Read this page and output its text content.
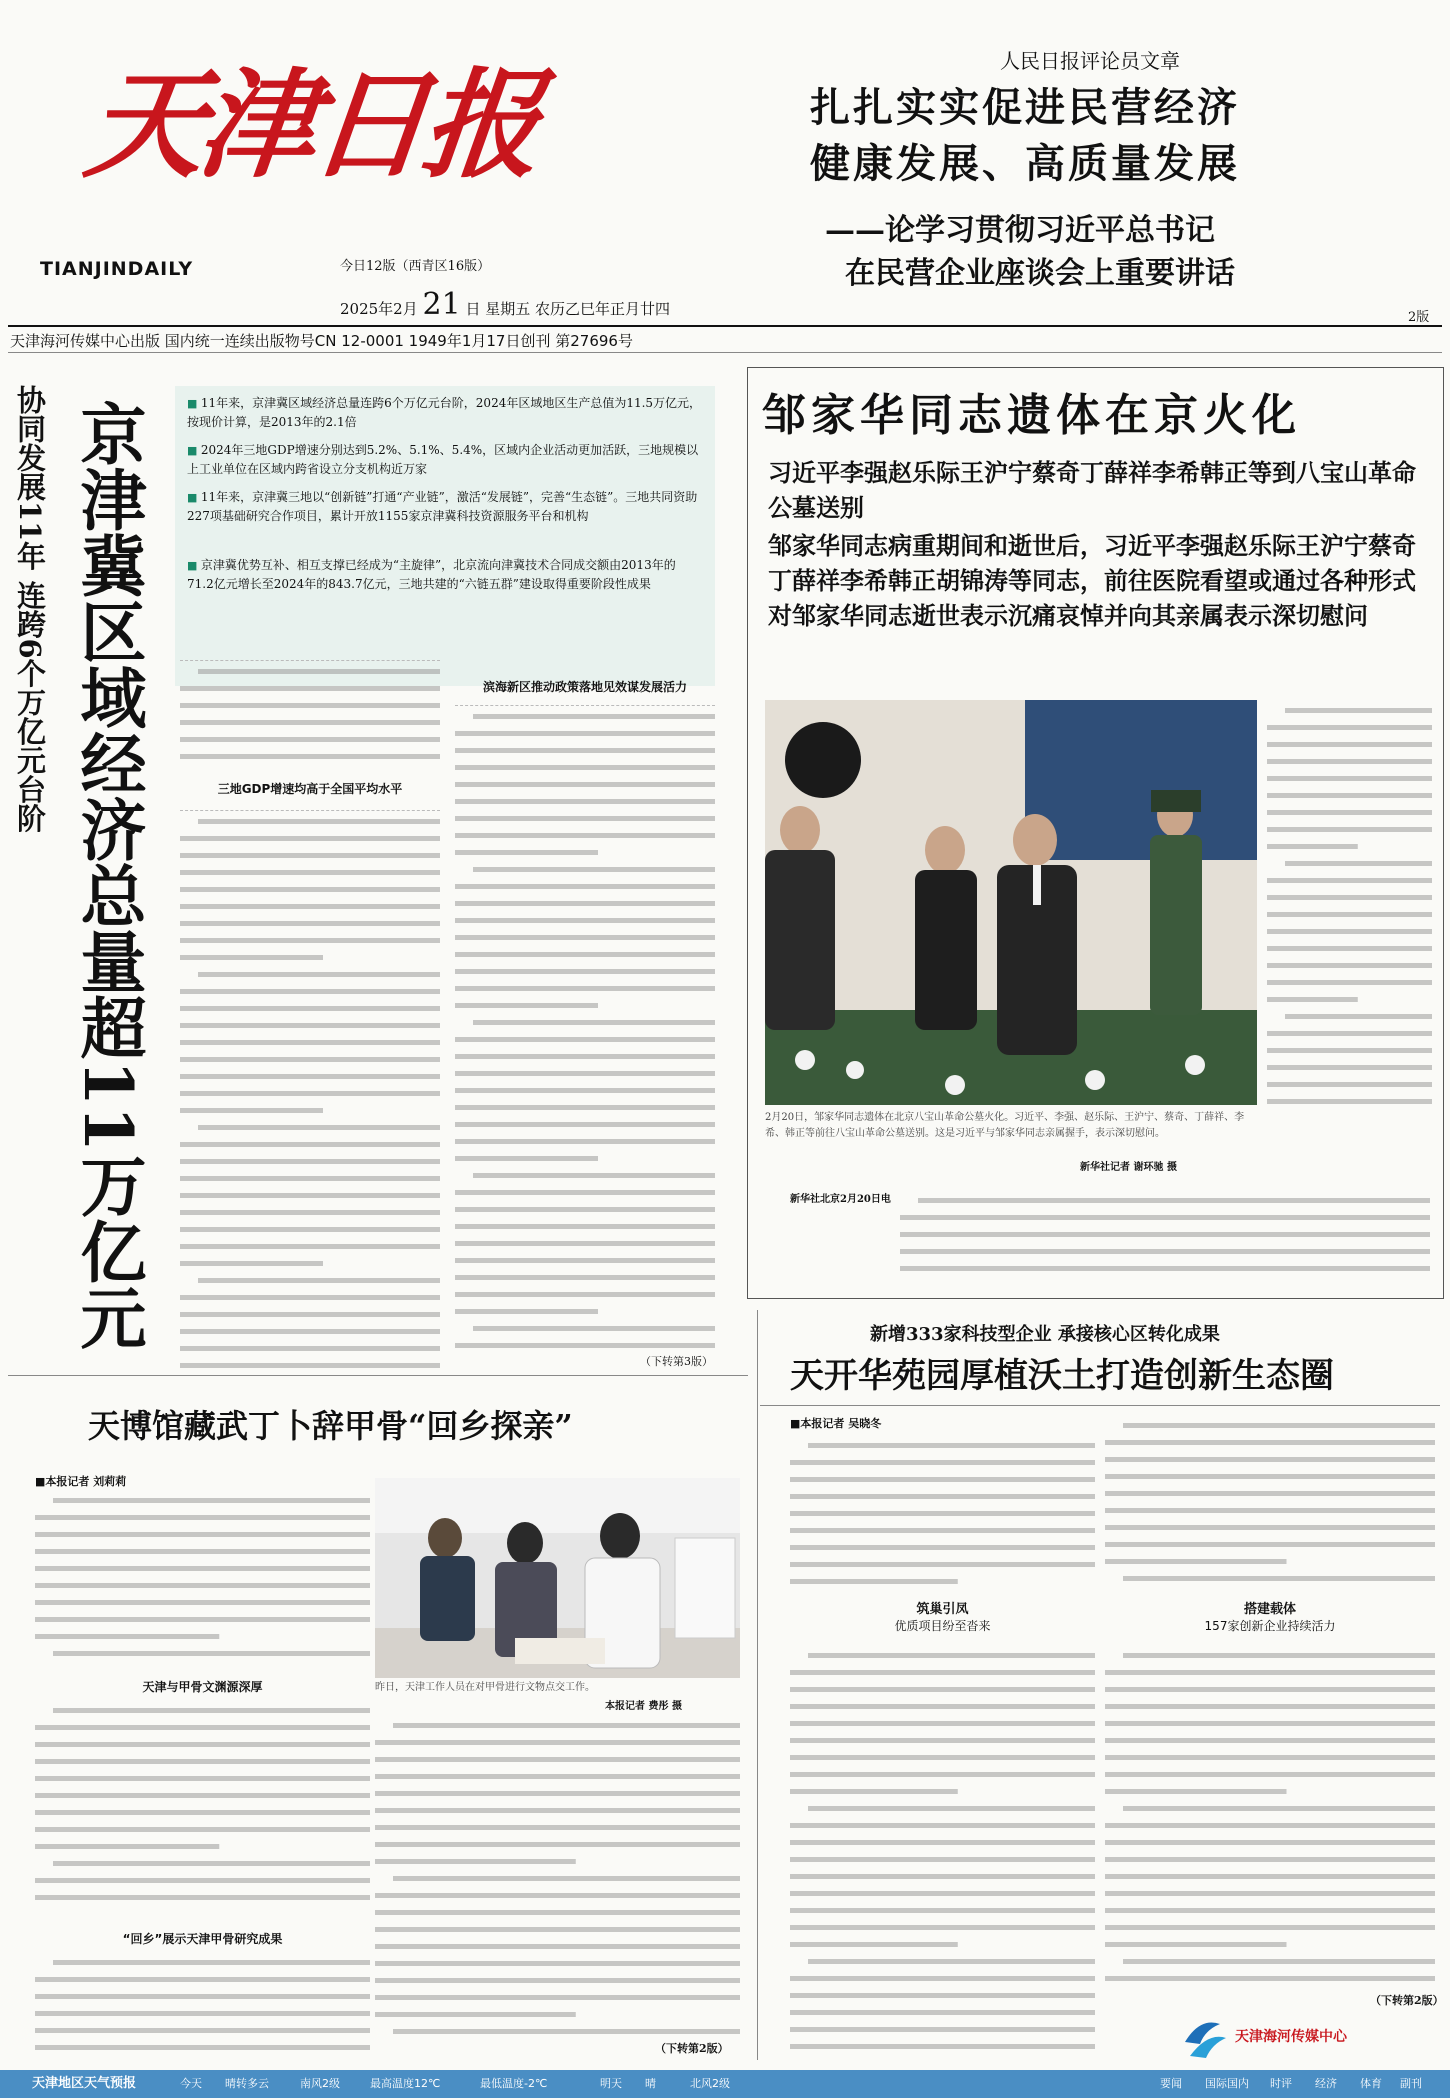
天津日报
TIANJINDAILY	今日12版（西青区16版）
2025年2月 21 日 星期五 农历乙巳年正月廿四
人民日报评论员文章
扎扎实实促进民营经济
健康发展、高质量发展
——论学习贯彻习近平总书记
在民营企业座谈会上重要讲话
2版
天津海河传媒中心出版 国内统一连续出版物号CN 12-0001 1949年1月17日创刊 第27696号
协同发展11年 连跨6个万亿元台阶 京津冀区域经济总量超11万亿元
■	11年来，京津冀区域经济总量连跨6个万亿元台阶，2024年区域地区生产总值为11.5万亿元，按现价计算，是2013年的2.1倍
■ 2024年三地GDP增速分别达到5.2%、5.1%、5.4%，区域内企业活动更加活跃，三地规模以上工业单位在区域内跨省设立分支机构近万家
■ 11年来，京津冀三地以“创新链”打通“产业链”，激活“发展链”，完善“生态链”。三地共同资助227项基础研究合作项目，累计开放1155家京津冀科技资源服务平台和机构
■ 京津冀优势互补、相互支撑已经成为“主旋律”，北京流向津冀技术合同成交额由2013年的71.2亿元增长至2024年的843.7亿元，三地共建的“六链五群”建设取得重要阶段性成果
三地GDP增速均高于全国平均水平
滨海新区推动政策落地见效谋发展活力
（下转第3版）
邹家华同志遗体在京火化
习近平李强赵乐际王沪宁蔡奇丁薛祥李希韩正等到八宝山革命公墓送别
邹家华同志病重期间和逝世后，习近平李强赵乐际王沪宁蔡奇丁薛祥李希韩正胡锦涛等同志，前往医院看望或通过各种形式对邹家华同志逝世表示沉痛哀悼并向其亲属表示深切慰问
2月20日，邹家华同志遗体在北京八宝山革命公墓火化。习近平、李强、赵乐际、王沪宁、蔡奇、丁薛祥、李希、韩正等前往八宝山革命公墓送别。这是习近平与邹家华同志亲属握手，表示深切慰问。
新华社记者 谢环驰 摄
新华社北京2月20日电
新增333家科技型企业 承接核心区转化成果
天开华苑园厚植沃土打造创新生态圈
■本报记者 吴晓冬
筑巢引凤
优质项目纷至沓来
搭建载体
157家创新企业持续活力
（下转第2版）
天津海河传媒中心
天博馆藏武丁卜辞甲骨“回乡探亲”
■本报记者 刘莉莉
天津与甲骨文渊源深厚
“回乡”展示天津甲骨研究成果
昨日，天津工作人员在对甲骨进行文物点交工作。
本报记者 费彤 摄
（下转第2版）
天津地区天气预报	今天 晴转多云	南风2级	最高温度12℃	最低温度-2℃	明天 晴	北风2级	要闻 国际国内 时评 经济 体育 副刊
